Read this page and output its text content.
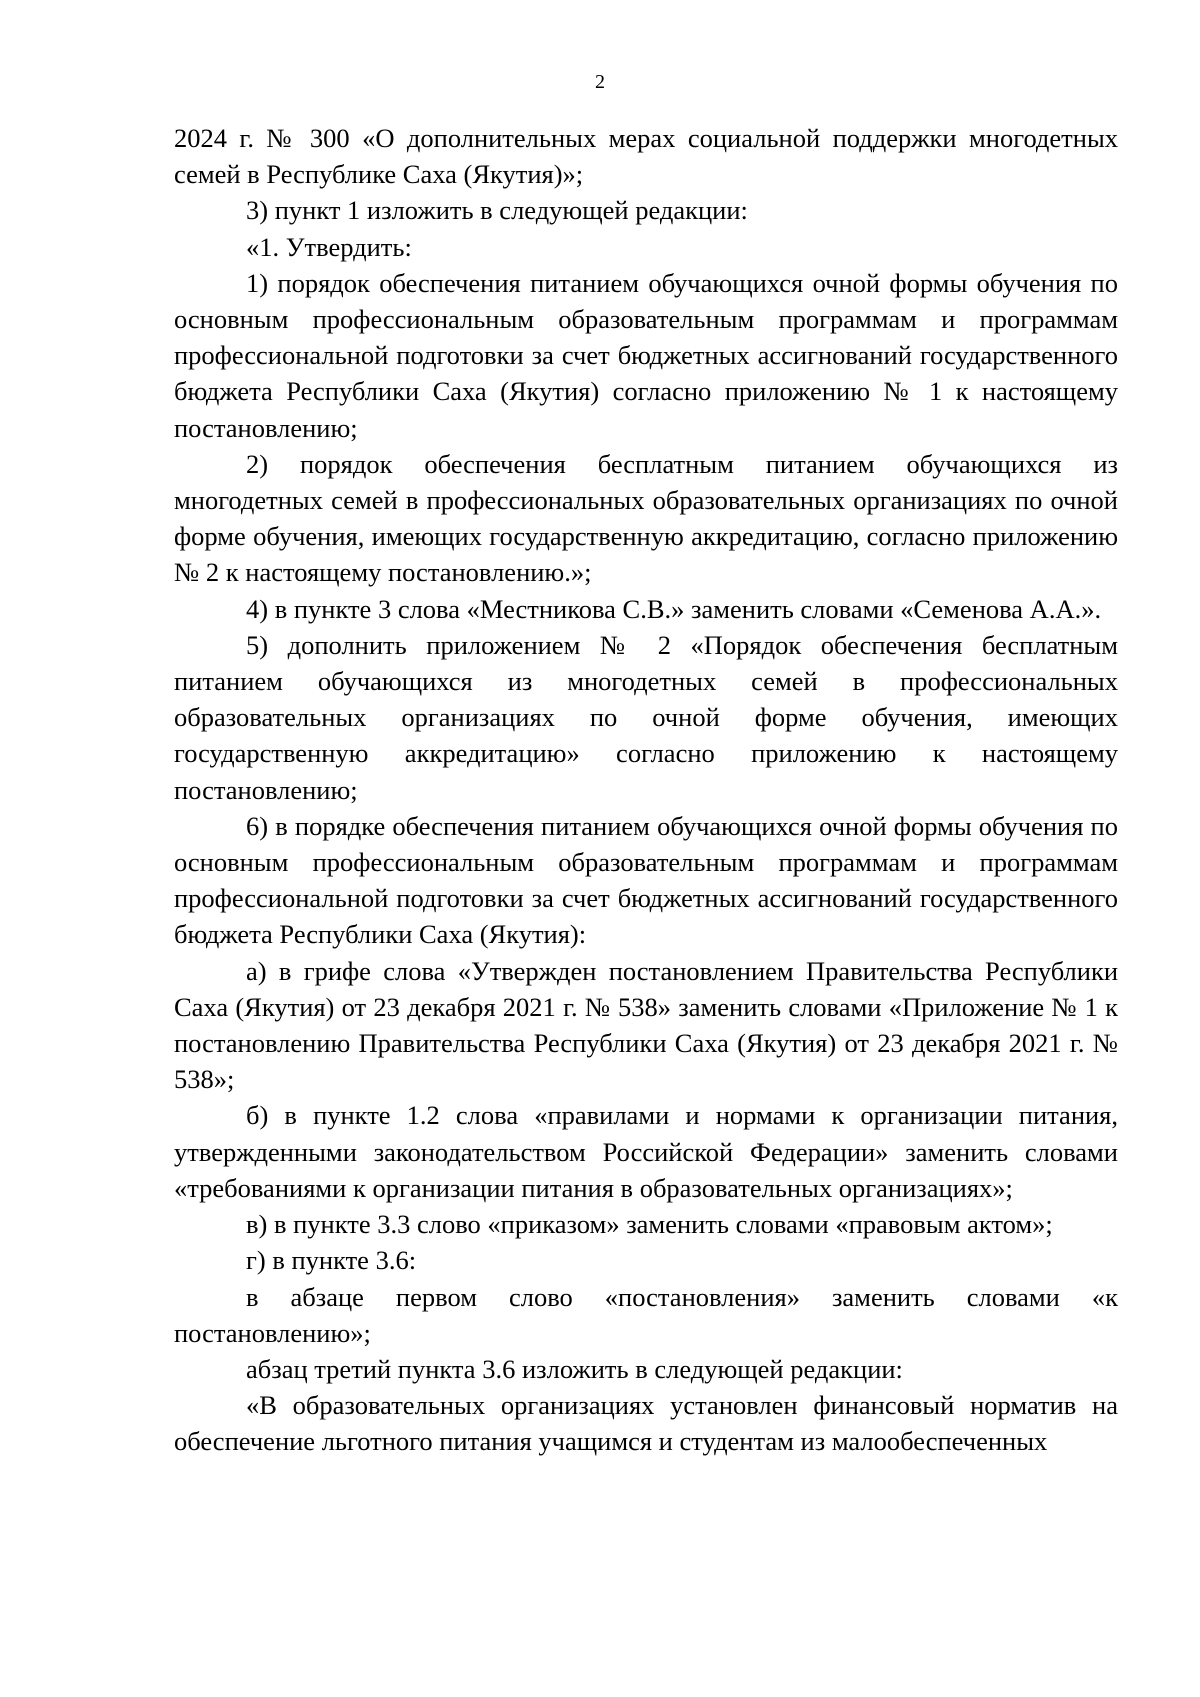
2

2024 г. № 300 «О дополнительных мерах социальной поддержки многодетных семей в Республике Саха (Якутия)»;

3) пункт 1 изложить в следующей редакции:

«1. Утвердить:

1) порядок обеспечения питанием обучающихся очной формы обучения по основным профессиональным образовательным программам и программам профессиональной подготовки за счет бюджетных ассигнований государственного бюджета Республики Саха (Якутия) согласно приложению № 1 к настоящему постановлению;

2) порядок обеспечения бесплатным питанием обучающихся из многодетных семей в профессиональных образовательных организациях по очной форме обучения, имеющих государственную аккредитацию, согласно приложению № 2 к настоящему постановлению.»;

4) в пункте 3 слова «Местникова С.В.» заменить словами «Семенова А.А.».

5) дополнить приложением № 2 «Порядок обеспечения бесплатным питанием обучающихся из многодетных семей в профессиональных образовательных организациях по очной форме обучения, имеющих государственную аккредитацию» согласно приложению к настоящему постановлению;

6) в порядке обеспечения питанием обучающихся очной формы обучения по основным профессиональным образовательным программам и программам профессиональной подготовки за счет бюджетных ассигнований государственного бюджета Республики Саха (Якутия):

а) в грифе слова «Утвержден постановлением Правительства Республики Саха (Якутия) от 23 декабря 2021 г. № 538» заменить словами «Приложение № 1 к постановлению Правительства Республики Саха (Якутия) от 23 декабря 2021 г. № 538»;

б) в пункте 1.2 слова «правилами и нормами к организации питания, утвержденными законодательством Российской Федерации» заменить словами «требованиями к организации питания в образовательных организациях»;

в) в пункте 3.3 слово «приказом» заменить словами «правовым актом»;

г) в пункте 3.6:

в абзаце первом слово «постановления» заменить словами «к постановлению»;

абзац третий пункта 3.6 изложить в следующей редакции:

«В образовательных организациях установлен финансовый норматив на обеспечение льготного питания учащимся и студентам из малообеспеченных
